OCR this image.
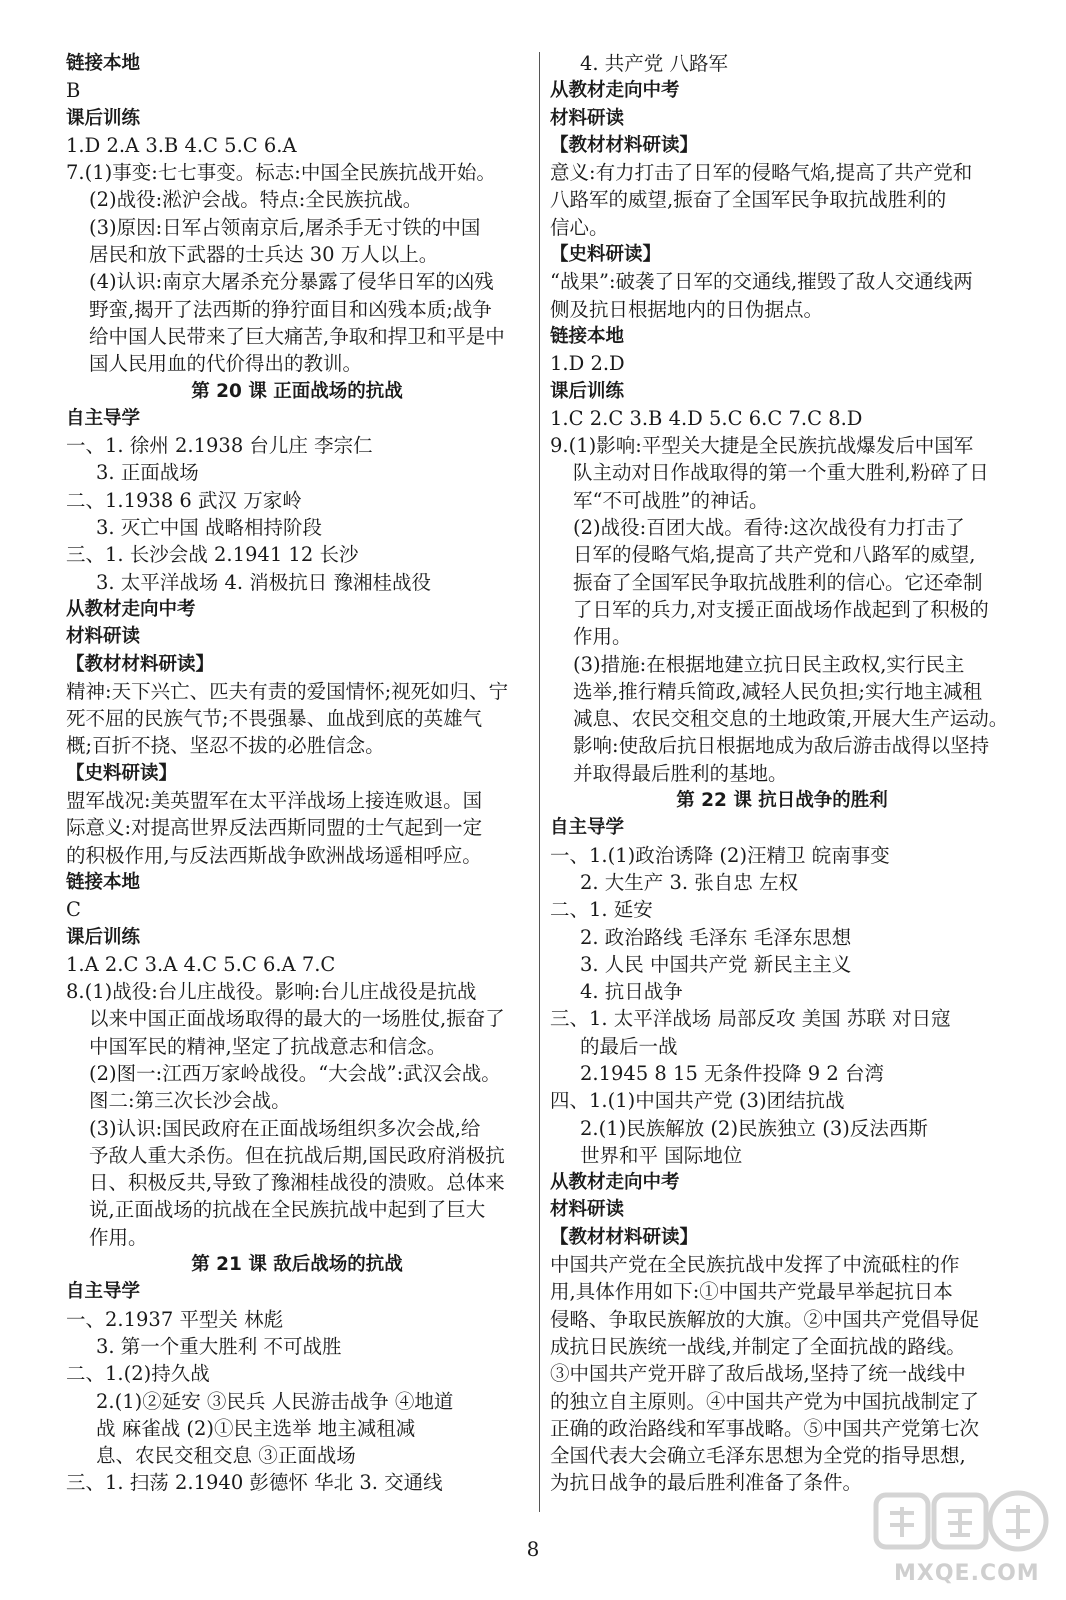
链接本地
B
课后训练
1.D 2.A 3.B 4.C 5.C 6.A
7.(1)事变:七七事变。标志:中国全民族抗战开始。
(2)战役:淞沪会战。特点:全民族抗战。
(3)原因:日军占领南京后,屠杀手无寸铁的中国
居民和放下武器的士兵达 30 万人以上。
(4)认识:南京大屠杀充分暴露了侵华日军的凶残
野蛮,揭开了法西斯的狰狞面目和凶残本质;战争
给中国人民带来了巨大痛苦,争取和捍卫和平是中
国人民用血的代价得出的教训。
第 20 课 正面战场的抗战
自主导学
一、1. 徐州 2.1938 台儿庄 李宗仁
3. 正面战场
二、1.1938 6 武汉 万家岭
3. 灭亡中国 战略相持阶段
三、1. 长沙会战 2.1941 12 长沙
3. 太平洋战场 4. 消极抗日 豫湘桂战役
从教材走向中考
材料研读
【教材材料研读】
精神:天下兴亡、匹夫有责的爱国情怀;视死如归、宁
死不屈的民族气节;不畏强暴、血战到底的英雄气
概;百折不挠、坚忍不拔的必胜信念。
【史料研读】
盟军战况:美英盟军在太平洋战场上接连败退。国
际意义:对提高世界反法西斯同盟的士气起到一定
的积极作用,与反法西斯战争欧洲战场遥相呼应。
链接本地
C
课后训练
1.A 2.C 3.A 4.C 5.C 6.A 7.C
8.(1)战役:台儿庄战役。影响:台儿庄战役是抗战
以来中国正面战场取得的最大的一场胜仗,振奋了
中国军民的精神,坚定了抗战意志和信念。
(2)图一:江西万家岭战役。“大会战”:武汉会战。
图二:第三次长沙会战。
(3)认识:国民政府在正面战场组织多次会战,给
予敌人重大杀伤。但在抗战后期,国民政府消极抗
日、积极反共,导致了豫湘桂战役的溃败。总体来
说,正面战场的抗战在全民族抗战中起到了巨大
作用。
第 21 课 敌后战场的抗战
自主导学
一、2.1937 平型关 林彪
3. 第一个重大胜利 不可战胜
二、1.(2)持久战
2.(1)②延安 ③民兵 人民游击战争 ④地道
战 麻雀战 (2)①民主选举 地主减租减
息、农民交租交息 ③正面战场
三、1. 扫荡 2.1940 彭德怀 华北 3. 交通线
4. 共产党 八路军
从教材走向中考
材料研读
【教材材料研读】
意义:有力打击了日军的侵略气焰,提高了共产党和
八路军的威望,振奋了全国军民争取抗战胜利的
信心。
【史料研读】
“战果”:破袭了日军的交通线,摧毁了敌人交通线两
侧及抗日根据地内的日伪据点。
链接本地
1.D 2.D
课后训练
1.C 2.C 3.B 4.D 5.C 6.C 7.C 8.D
9.(1)影响:平型关大捷是全民族抗战爆发后中国军
队主动对日作战取得的第一个重大胜利,粉碎了日
军“不可战胜”的神话。
(2)战役:百团大战。看待:这次战役有力打击了
日军的侵略气焰,提高了共产党和八路军的威望,
振奋了全国军民争取抗战胜利的信心。它还牵制
了日军的兵力,对支援正面战场作战起到了积极的
作用。
(3)措施:在根据地建立抗日民主政权,实行民主
选举,推行精兵简政,减轻人民负担;实行地主减租
减息、农民交租交息的土地政策,开展大生产运动。
影响:使敌后抗日根据地成为敌后游击战得以坚持
并取得最后胜利的基地。
第 22 课 抗日战争的胜利
自主导学
一、1.(1)政治诱降 (2)汪精卫 皖南事变
2. 大生产 3. 张自忠 左权
二、1. 延安
2. 政治路线 毛泽东 毛泽东思想
3. 人民 中国共产党 新民主主义
4. 抗日战争
三、1. 太平洋战场 局部反攻 美国 苏联 对日寇
的最后一战
2.1945 8 15 无条件投降 9 2 台湾
四、1.(1)中国共产党 (3)团结抗战
2.(1)民族解放 (2)民族独立 (3)反法西斯
世界和平 国际地位
从教材走向中考
材料研读
【教材材料研读】
中国共产党在全民族抗战中发挥了中流砥柱的作
用,具体作用如下:①中国共产党最早举起抗日本
侵略、争取民族解放的大旗。②中国共产党倡导促
成抗日民族统一战线,并制定了全面抗战的路线。
③中国共产党开辟了敌后战场,坚持了统一战线中
的独立自主原则。④中国共产党为中国抗战制定了
正确的政治路线和军事战略。⑤中国共产党第七次
全国代表大会确立毛泽东思想为全党的指导思想,
为抗日战争的最后胜利准备了条件。
8
MXQE.COM
